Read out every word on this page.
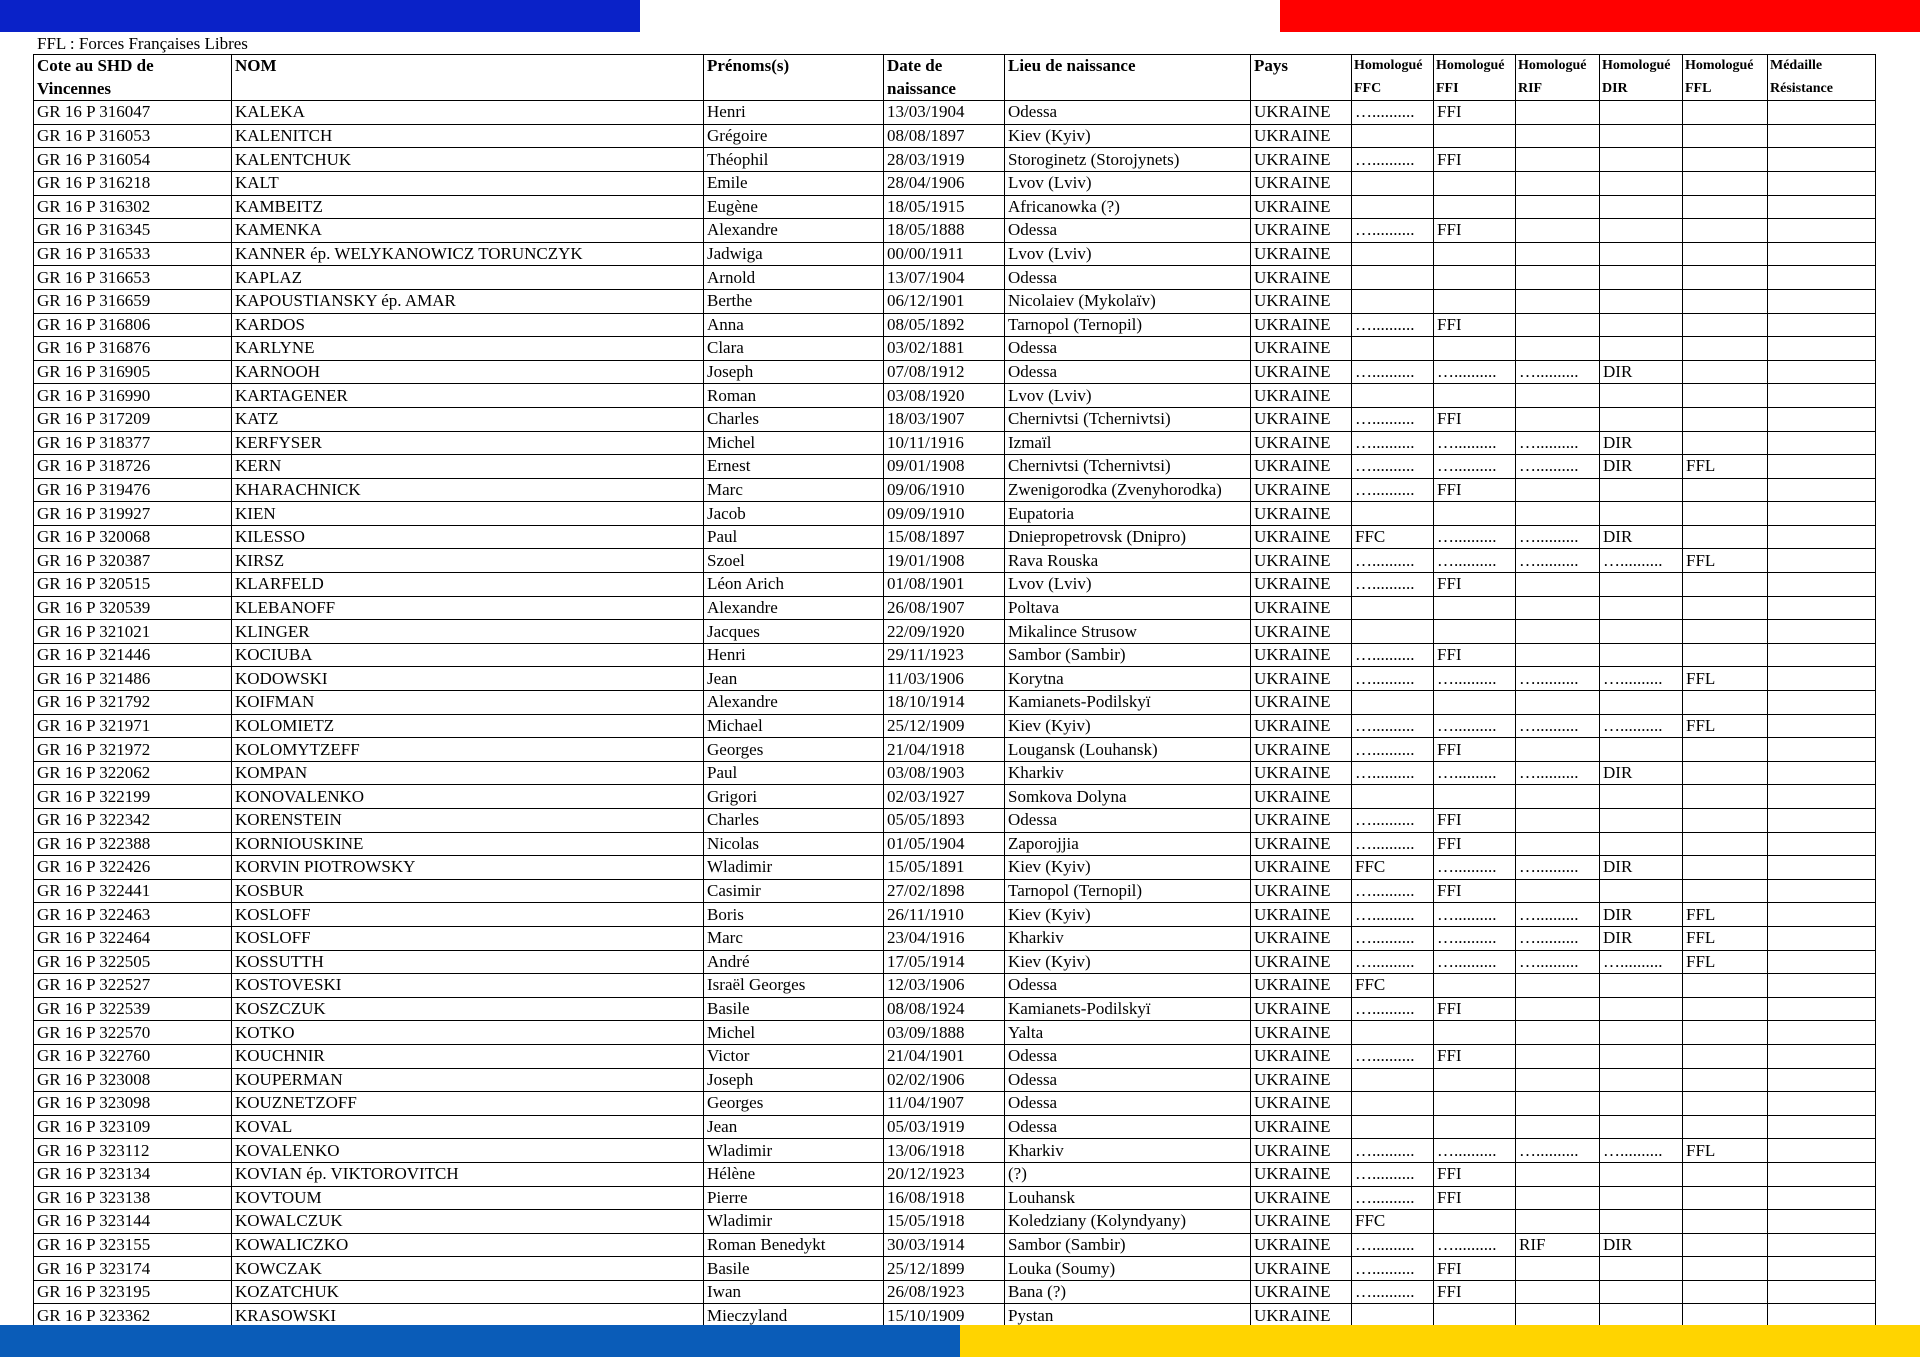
FFL : Forces Françaises Libres
Cote au SHD de	NOM	Prénoms(s)	Date de	Lieu de naissance	Pays	Homologué	Homologué	Homologué	Homologué	Homologué	Médaille
Vincennes			naissance			FFC	FFI	RIF	DIR	FFL	Résistance
GR 16 P 316047	KALEKA	Henri	13/03/1904	Odessa	UKRAINE	…..........	FFI				
GR 16 P 316053	KALENITCH	Grégoire	08/08/1897	Kiev (Kyiv)	UKRAINE						
GR 16 P 316054	KALENTCHUK	Théophil	28/03/1919	Storoginetz (Storojynets)	UKRAINE	…..........	FFI				
GR 16 P 316218	KALT	Emile	28/04/1906	Lvov (Lviv)	UKRAINE						
GR 16 P 316302	KAMBEITZ	Eugène	18/05/1915	Africanowka (?)	UKRAINE						
GR 16 P 316345	KAMENKA	Alexandre	18/05/1888	Odessa	UKRAINE	…..........	FFI				
GR 16 P 316533	KANNER ép. WELYKANOWICZ TORUNCZYK	Jadwiga	00/00/1911	Lvov (Lviv)	UKRAINE						
GR 16 P 316653	KAPLAZ	Arnold	13/07/1904	Odessa	UKRAINE						
GR 16 P 316659	KAPOUSTIANSKY ép. AMAR	Berthe	06/12/1901	Nicolaiev (Mykolaïv)	UKRAINE						
GR 16 P 316806	KARDOS	Anna	08/05/1892	Tarnopol (Ternopil)	UKRAINE	…..........	FFI				
GR 16 P 316876	KARLYNE	Clara	03/02/1881	Odessa	UKRAINE						
GR 16 P 316905	KARNOOH	Joseph	07/08/1912	Odessa	UKRAINE	…..........	…..........	…..........	DIR		
GR 16 P 316990	KARTAGENER	Roman	03/08/1920	Lvov (Lviv)	UKRAINE						
GR 16 P 317209	KATZ	Charles	18/03/1907	Chernivtsi (Tchernivtsi)	UKRAINE	…..........	FFI				
GR 16 P 318377	KERFYSER	Michel	10/11/1916	Izmaïl	UKRAINE	…..........	…..........	…..........	DIR		
GR 16 P 318726	KERN	Ernest	09/01/1908	Chernivtsi (Tchernivtsi)	UKRAINE	…..........	…..........	…..........	DIR	FFL	
GR 16 P 319476	KHARACHNICK	Marc	09/06/1910	Zwenigorodka (Zvenyhorodka)	UKRAINE	…..........	FFI				
GR 16 P 319927	KIEN	Jacob	09/09/1910	Eupatoria	UKRAINE						
GR 16 P 320068	KILESSO	Paul	15/08/1897	Dniepropetrovsk (Dnipro)	UKRAINE	FFC	…..........	…..........	DIR		
GR 16 P 320387	KIRSZ	Szoel	19/01/1908	Rava Rouska	UKRAINE	…..........	…..........	…..........	…..........	FFL	
GR 16 P 320515	KLARFELD	Léon Arich	01/08/1901	Lvov (Lviv)	UKRAINE	…..........	FFI				
GR 16 P 320539	KLEBANOFF	Alexandre	26/08/1907	Poltava	UKRAINE						
GR 16 P 321021	KLINGER	Jacques	22/09/1920	Mikalince Strusow	UKRAINE						
GR 16 P 321446	KOCIUBA	Henri	29/11/1923	Sambor (Sambir)	UKRAINE	…..........	FFI				
GR 16 P 321486	KODOWSKI	Jean	11/03/1906	Korytna	UKRAINE	…..........	…..........	…..........	…..........	FFL	
GR 16 P 321792	KOIFMAN	Alexandre	18/10/1914	Kamianets-Podilskyï	UKRAINE						
GR 16 P 321971	KOLOMIETZ	Michael	25/12/1909	Kiev (Kyiv)	UKRAINE	…..........	…..........	…..........	…..........	FFL	
GR 16 P 321972	KOLOMYTZEFF	Georges	21/04/1918	Lougansk (Louhansk)	UKRAINE	…..........	FFI				
GR 16 P 322062	KOMPAN	Paul	03/08/1903	Kharkiv	UKRAINE	…..........	…..........	…..........	DIR		
GR 16 P 322199	KONOVALENKO	Grigori	02/03/1927	Somkova Dolyna	UKRAINE						
GR 16 P 322342	KORENSTEIN	Charles	05/05/1893	Odessa	UKRAINE	…..........	FFI				
GR 16 P 322388	KORNIOUSKINE	Nicolas	01/05/1904	Zaporojjia	UKRAINE	…..........	FFI				
GR 16 P 322426	KORVIN PIOTROWSKY	Wladimir	15/05/1891	Kiev (Kyiv)	UKRAINE	FFC	…..........	…..........	DIR		
GR 16 P 322441	KOSBUR	Casimir	27/02/1898	Tarnopol (Ternopil)	UKRAINE	…..........	FFI				
GR 16 P 322463	KOSLOFF	Boris	26/11/1910	Kiev (Kyiv)	UKRAINE	…..........	…..........	…..........	DIR	FFL	
GR 16 P 322464	KOSLOFF	Marc	23/04/1916	Kharkiv	UKRAINE	…..........	…..........	…..........	DIR	FFL	
GR 16 P 322505	KOSSUTTH	André	17/05/1914	Kiev (Kyiv)	UKRAINE	…..........	…..........	…..........	…..........	FFL	
GR 16 P 322527	KOSTOVESKI	Israël Georges	12/03/1906	Odessa	UKRAINE	FFC					
GR 16 P 322539	KOSZCZUK	Basile	08/08/1924	Kamianets-Podilskyï	UKRAINE	…..........	FFI				
GR 16 P 322570	KOTKO	Michel	03/09/1888	Yalta	UKRAINE						
GR 16 P 322760	KOUCHNIR	Victor	21/04/1901	Odessa	UKRAINE	…..........	FFI				
GR 16 P 323008	KOUPERMAN	Joseph	02/02/1906	Odessa	UKRAINE						
GR 16 P 323098	KOUZNETZOFF	Georges	11/04/1907	Odessa	UKRAINE						
GR 16 P 323109	KOVAL	Jean	05/03/1919	Odessa	UKRAINE						
GR 16 P 323112	KOVALENKO	Wladimir	13/06/1918	Kharkiv	UKRAINE	…..........	…..........	…..........	…..........	FFL	
GR 16 P 323134	KOVIAN ép. VIKTOROVITCH	Hélène	20/12/1923	(?)	UKRAINE	…..........	FFI				
GR 16 P 323138	KOVTOUM	Pierre	16/08/1918	Louhansk	UKRAINE	…..........	FFI				
GR 16 P 323144	KOWALCZUK	Wladimir	15/05/1918	Koledziany (Kolyndyany)	UKRAINE	FFC					
GR 16 P 323155	KOWALICZKO	Roman Benedykt	30/03/1914	Sambor (Sambir)	UKRAINE	…..........	…..........	RIF	DIR		
GR 16 P 323174	KOWCZAK	Basile	25/12/1899	Louka (Soumy)	UKRAINE	…..........	FFI				
GR 16 P 323195	KOZATCHUK	Iwan	26/08/1923	Bana (?)	UKRAINE	…..........	FFI				
GR 16 P 323362	KRASOWSKI	Mieczyland	15/10/1909	Pystan	UKRAINE						
